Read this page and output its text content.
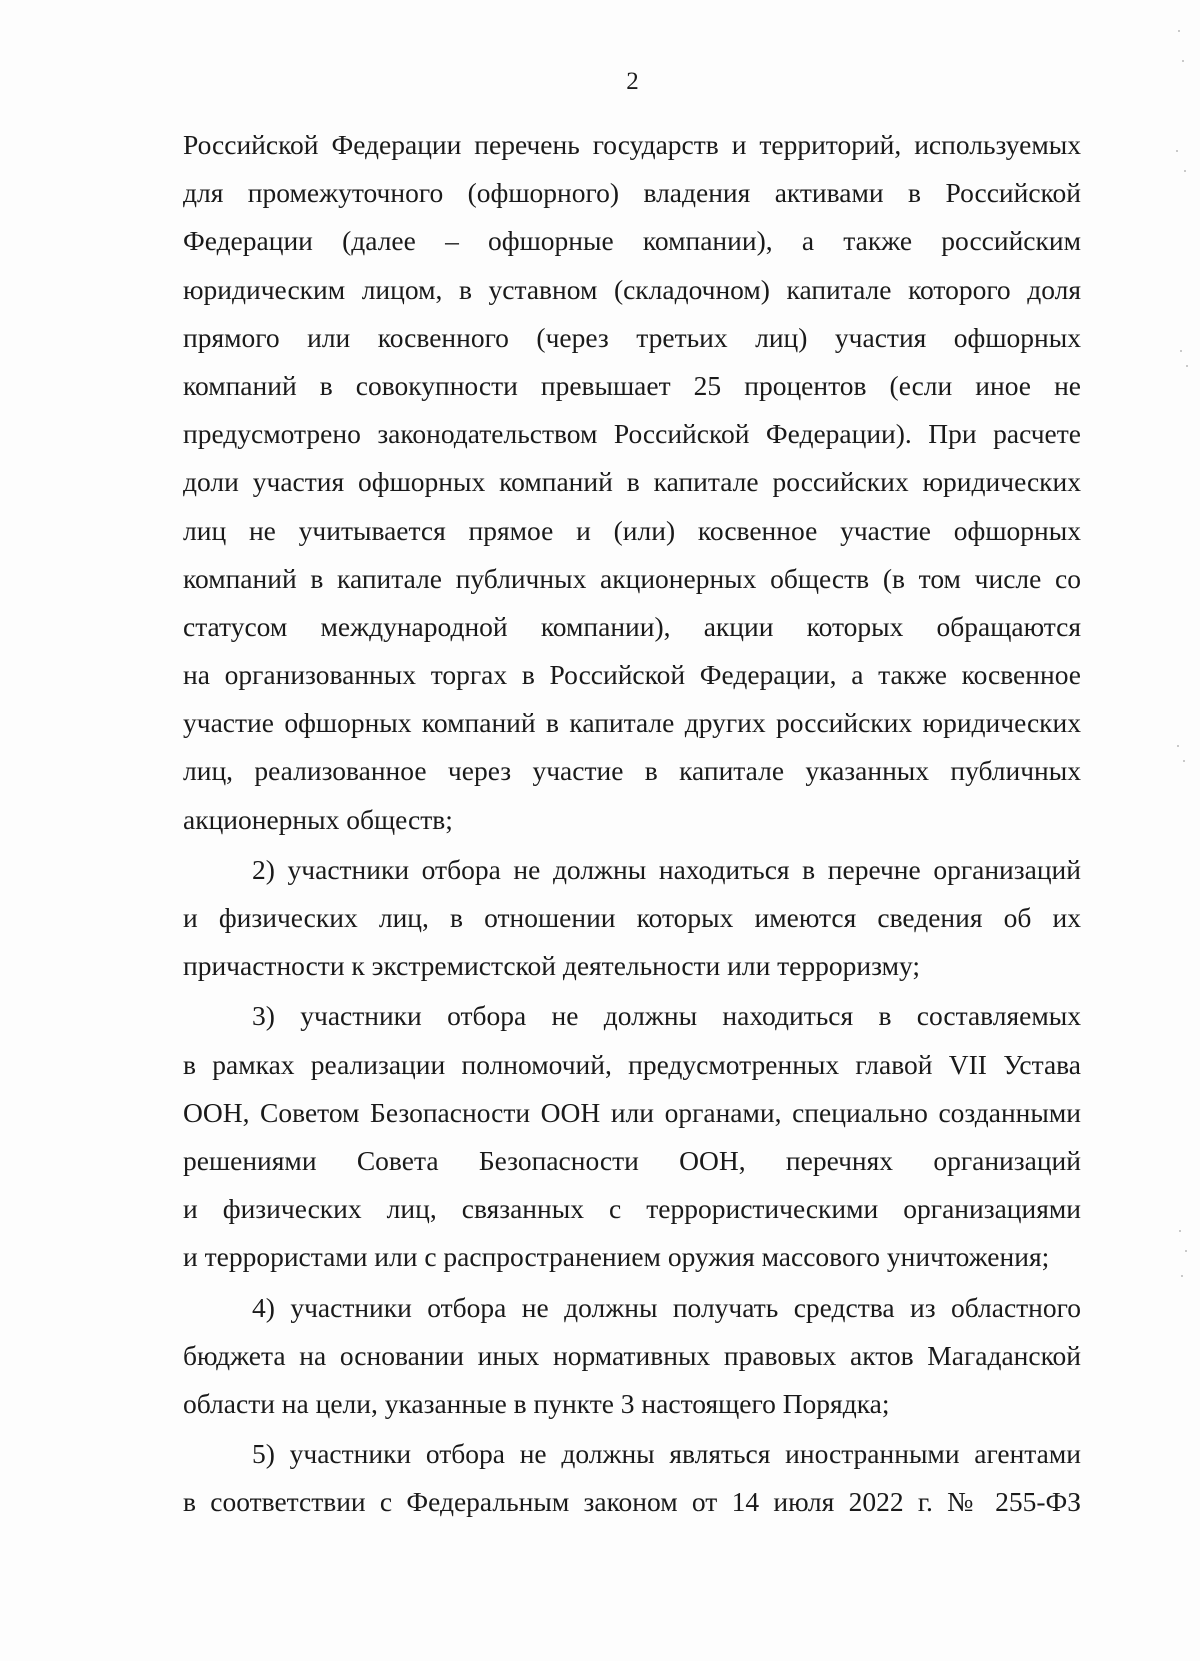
2
Российской Федерации перечень государств и территорий, используемых
для промежуточного (офшорного) владения активами в Российской
Федерации (далее – офшорные компании), а также российским
юридическим лицом, в уставном (складочном) капитале которого доля
прямого или косвенного (через третьих лиц) участия офшорных
компаний в совокупности превышает 25 процентов (если иное не
предусмотрено законодательством Российской Федерации). При расчете
доли участия офшорных компаний в капитале российских юридических
лиц не учитывается прямое и (или) косвенное участие офшорных
компаний в капитале публичных акционерных обществ (в том числе со
статусом международной компании), акции которых обращаются
на организованных торгах в Российской Федерации, а также косвенное
участие офшорных компаний в капитале других российских юридических
лиц, реализованное через участие в капитале указанных публичных
акционерных обществ;
2) участники отбора не должны находиться в перечне организаций
и физических лиц, в отношении которых имеются сведения об их
причастности к экстремистской деятельности или терроризму;
3) участники отбора не должны находиться в составляемых
в рамках реализации полномочий, предусмотренных главой VII Устава
ООН, Советом Безопасности ООН или органами, специально созданными
решениями Совета Безопасности ООН, перечнях организаций
и физических лиц, связанных с террористическими организациями
и террористами или с распространением оружия массового уничтожения;
4) участники отбора не должны получать средства из областного
бюджета на основании иных нормативных правовых актов Магаданской
области на цели, указанные в пункте 3 настоящего Порядка;
5) участники отбора не должны являться иностранными агентами
в соответствии с Федеральным законом от 14 июля 2022 г. № 255-ФЗ
